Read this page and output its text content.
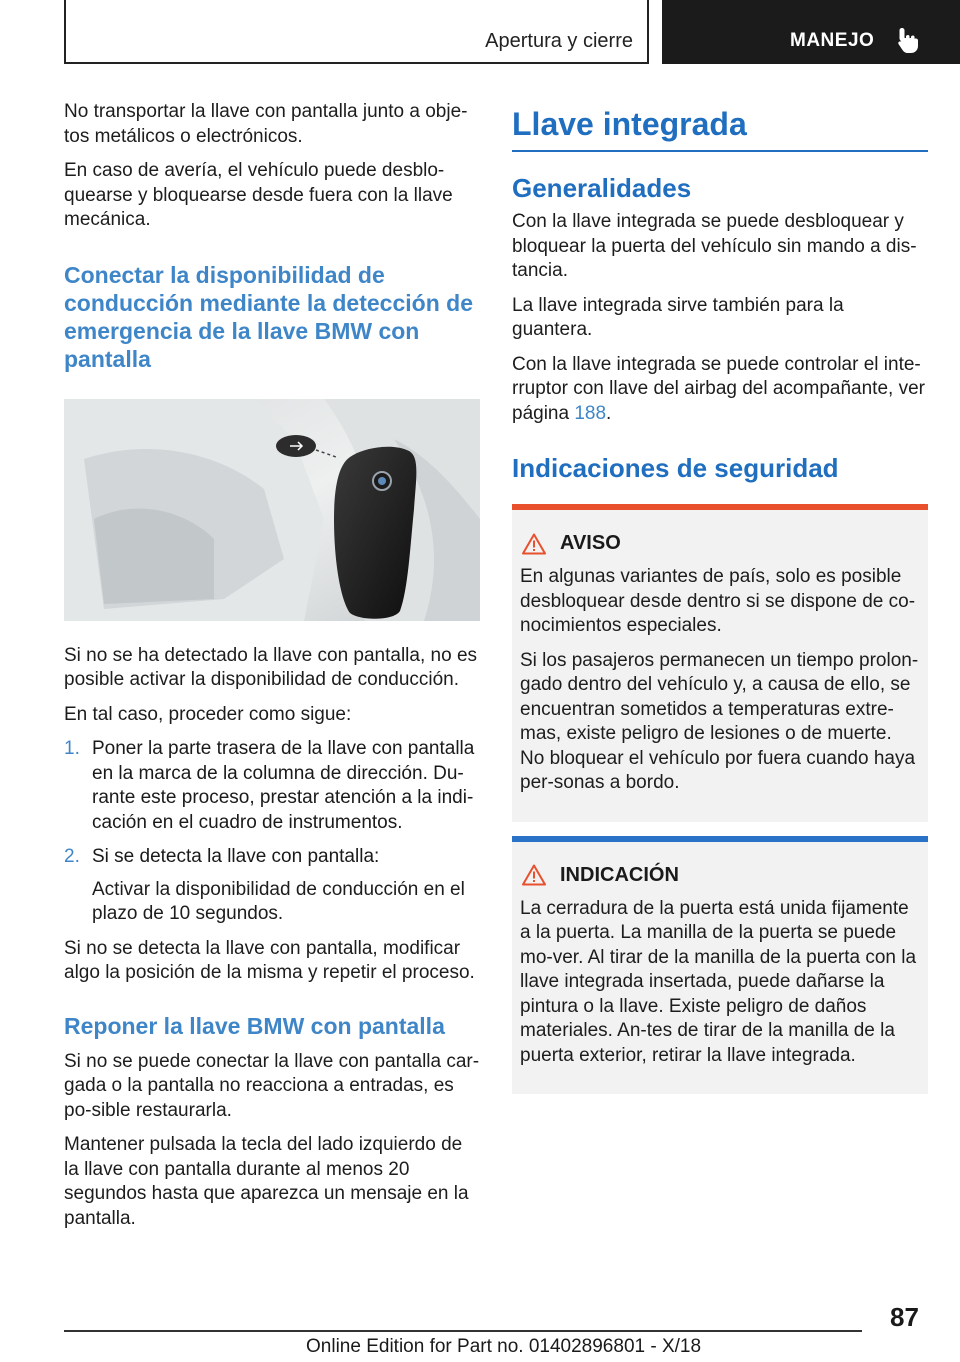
Apertura y cierre	MANEJO

No transportar la llave con pantalla junto a obje-tos metálicos o electrónicos.

En caso de avería, el vehículo puede desblo-quearse y bloquearse desde fuera con la llave mecánica.

Conectar la disponibilidad de conducción mediante la detección de emergencia de la llave BMW con pantalla

Si no se ha detectado la llave con pantalla, no es posible activar la disponibilidad de conducción.

En tal caso, proceder como sigue:

1. Poner la parte trasera de la llave con pantalla en la marca de la columna de dirección. Du-rante este proceso, prestar atención a la indi-cación en el cuadro de instrumentos.
2. Si se detecta la llave con pantalla:

Activar la disponibilidad de conducción en el plazo de 10 segundos.

Si no se detecta la llave con pantalla, modificar algo la posición de la misma y repetir el proceso.

Reponer la llave BMW con pantalla

Si no se puede conectar la llave con pantalla car-gada o la pantalla no reacciona a entradas, es po-sible restaurarla.

Mantener pulsada la tecla del lado izquierdo de la llave con pantalla durante al menos 20 segundos hasta que aparezca un mensaje en la pantalla.

Llave integrada
Generalidades

Con la llave integrada se puede desbloquear y bloquear la puerta del vehículo sin mando a dis-tancia.

La llave integrada sirve también para la guantera.

Con la llave integrada se puede controlar el inte-rruptor con llave del airbag del acompañante, ver página 188.

Indicaciones de seguridad
AVISO

En algunas variantes de país, solo es posible desbloquear desde dentro si se dispone de co-nocimientos especiales.

Si los pasajeros permanecen un tiempo prolon-gado dentro del vehículo y, a causa de ello, se encuentran sometidos a temperaturas extre-mas, existe peligro de lesiones o de muerte. No bloquear el vehículo por fuera cuando haya per-sonas a bordo.

INDICACIÓN

La cerradura de la puerta está unida fijamente a la puerta. La manilla de la puerta se puede mo-ver. Al tirar de la manilla de la puerta con la llave integrada insertada, puede dañarse la pintura o la llave. Existe peligro de daños materiales. An-tes de tirar de la manilla de la puerta exterior, retirar la llave integrada.

87
Online Edition for Part no. 01402896801 - X/18
